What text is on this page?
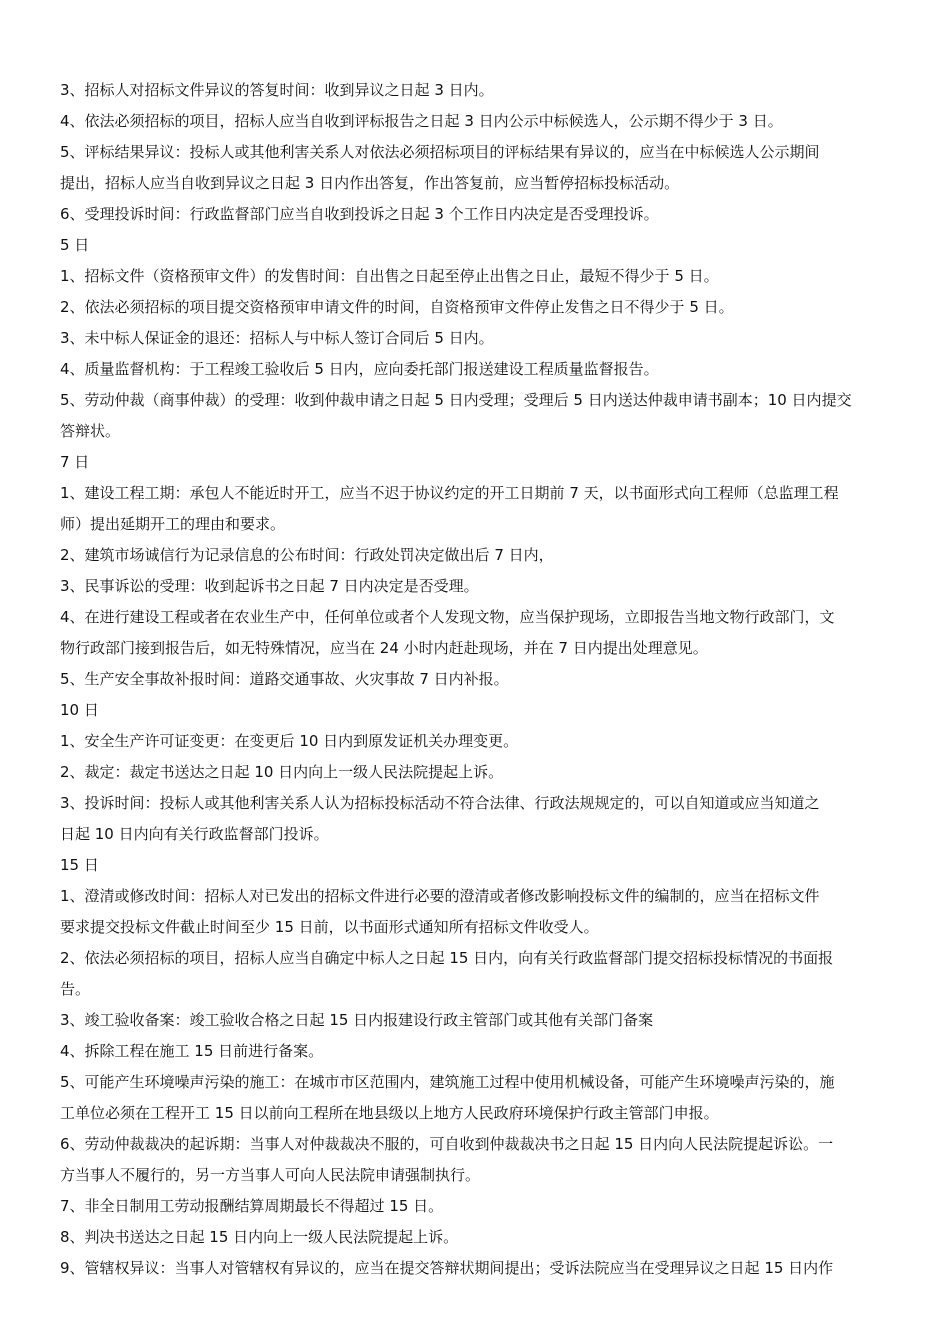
3、招标人对招标文件异议的答复时间：收到异议之日起 3 日内。

4、依法必须招标的项目，招标人应当自收到评标报告之日起 3 日内公示中标候选人，公示期不得少于 3 日。

5、评标结果异议：投标人或其他利害关系人对依法必须招标项目的评标结果有异议的，应当在中标候选人公示期间

提出，招标人应当自收到异议之日起 3 日内作出答复，作出答复前，应当暂停招标投标活动。

6、受理投诉时间：行政监督部门应当自收到投诉之日起 3 个工作日内决定是否受理投诉。

5 日

1、招标文件（资格预审文件）的发售时间：自出售之日起至停止出售之日止，最短不得少于 5 日。

2、依法必须招标的项目提交资格预审申请文件的时间，自资格预审文件停止发售之日不得少于 5 日。

3、未中标人保证金的退还：招标人与中标人签订合同后 5 日内。

4、质量监督机构：于工程竣工验收后 5 日内，应向委托部门报送建设工程质量监督报告。

5、劳动仲裁（商事仲裁）的受理：收到仲裁申请之日起 5 日内受理；受理后 5 日内送达仲裁申请书副本；10 日内提交

答辩状。

7 日

1、建设工程工期：承包人不能近时开工，应当不迟于协议约定的开工日期前 7 天，以书面形式向工程师（总监理工程

师）提出延期开工的理由和要求。

2、建筑市场诚信行为记录信息的公布时间：行政处罚决定做出后 7 日内，

3、民事诉讼的受理：收到起诉书之日起 7 日内决定是否受理。

4、在进行建设工程或者在农业生产中，任何单位或者个人发现文物，应当保护现场，立即报告当地文物行政部门，文

物行政部门接到报告后，如无特殊情况，应当在 24 小时内赶赴现场，并在 7 日内提出处理意见。

5、生产安全事故补报时间：道路交通事故、火灾事故 7 日内补报。

10 日

1、安全生产许可证变更：在变更后 10 日内到原发证机关办理变更。

2、裁定：裁定书送达之日起 10 日内向上一级人民法院提起上诉。

3、投诉时间：投标人或其他利害关系人认为招标投标活动不符合法律、行政法规规定的，可以自知道或应当知道之

日起 10 日内向有关行政监督部门投诉。

15 日

1、澄清或修改时间：招标人对已发出的招标文件进行必要的澄清或者修改影响投标文件的编制的，应当在招标文件

要求提交投标文件截止时间至少 15 日前，以书面形式通知所有招标文件收受人。

2、依法必须招标的项目，招标人应当自确定中标人之日起 15 日内，向有关行政监督部门提交招标投标情况的书面报

告。

3、竣工验收备案：竣工验收合格之日起 15 日内报建设行政主管部门或其他有关部门备案

4、拆除工程在施工 15 日前进行备案。

5、可能产生环境噪声污染的施工：在城市市区范围内，建筑施工过程中使用机械设备，可能产生环境噪声污染的，施

工单位必须在工程开工 15 日以前向工程所在地县级以上地方人民政府环境保护行政主管部门申报。

6、劳动仲裁裁决的起诉期：当事人对仲裁裁决不服的，可自收到仲裁裁决书之日起 15 日内向人民法院提起诉讼。一

方当事人不履行的，另一方当事人可向人民法院申请强制执行。

7、非全日制用工劳动报酬结算周期最长不得超过 15 日。

8、判决书送达之日起 15 日内向上一级人民法院提起上诉。

9、管辖权异议：当事人对管辖权有异议的，应当在提交答辩状期间提出；受诉法院应当在受理异议之日起 15 日内作
